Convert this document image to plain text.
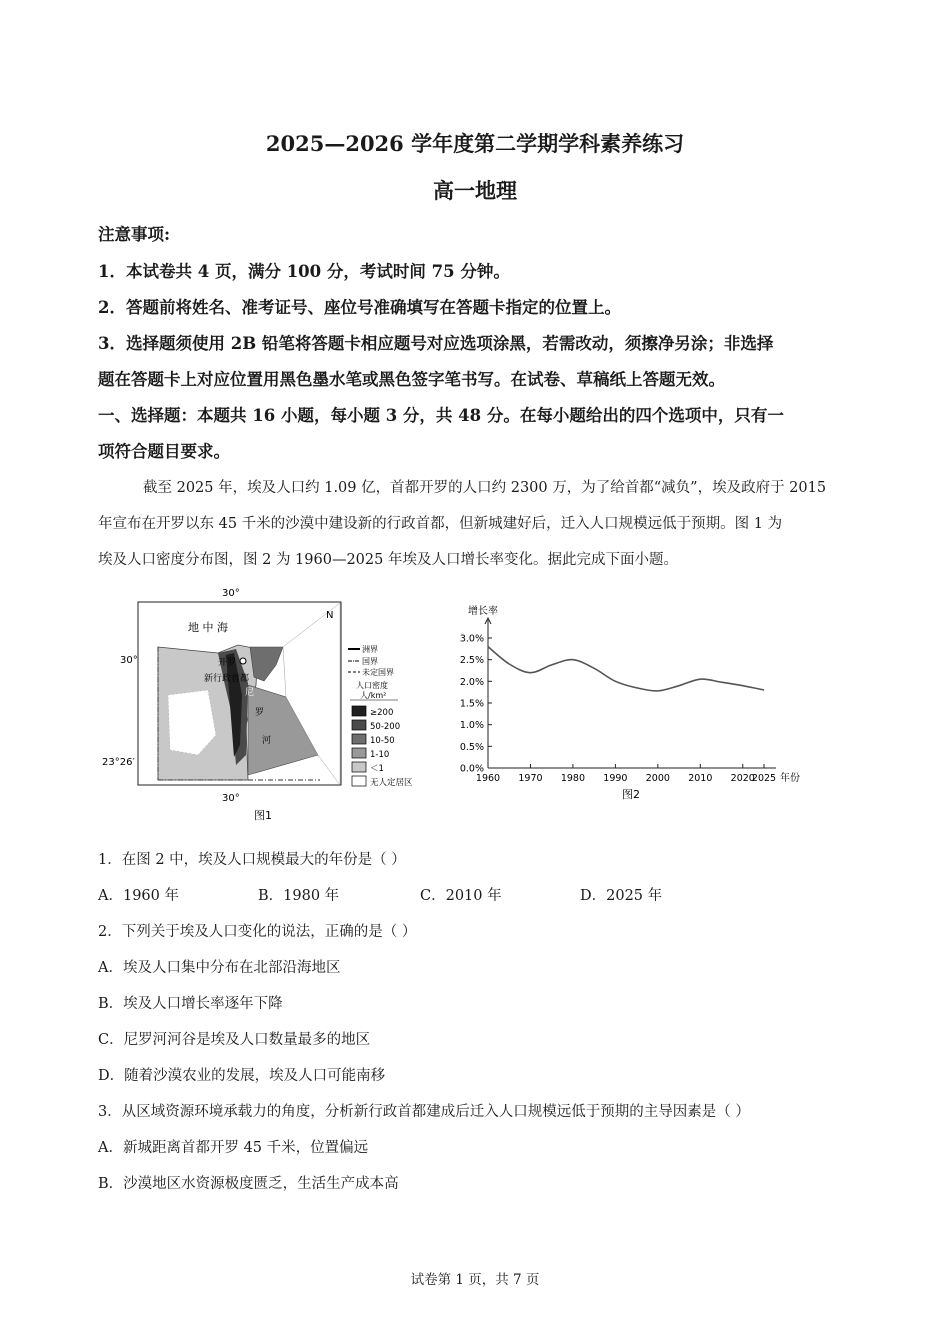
2025—2026 学年度第二学期学科素养练习
高一地理
注意事项:
1．本试卷共 4 页，满分 100 分，考试时间 75 分钟。
2．答题前将姓名、准考证号、座位号准确填写在答题卡指定的位置上。
3．选择题须使用 2B 铅笔将答题卡相应题号对应选项涂黑，若需改动，须擦净另涂；非选择
题在答题卡上对应位置用黑色墨水笔或黑色签字笔书写。在试卷、草稿纸上答题无效。
一、选择题：本题共 16 小题，每小题 3 分，共 48 分。在每小题给出的四个选项中，只有一
项符合题目要求。
截至 2025 年，埃及人口约 1.09 亿，首都开罗的人口约 2300 万，为了给首都“减负”，埃及政府于 2015
年宣布在开罗以东 45 千米的沙漠中建设新的行政首都，但新城建好后，迁入人口规模远低于预期。图 1 为
埃及人口密度分布图，图 2 为 1960—2025 年埃及人口增长率变化。据此完成下面小题。
30°
30°
30°
23°26′
地 中 海
开罗
新行政首都
尼
罗
河
N
洲界
国界
未定国界
人口密度
人/km²
≥200
50-200
10-50
1-10
＜1
无人定居区
图1
增长率
年份
图2
0.0%
0.5%
1.0%
1.5%
2.0%
2.5%
3.0%
1960 1970 1980 1990 2000 2010 2020
2025
1．在图 2 中，埃及人口规模最大的年份是（ ）
A．1960 年	B．1980 年	C．2010 年	D．2025 年
2．下列关于埃及人口变化的说法，正确的是（ ）
A．埃及人口集中分布在北部沿海地区
B．埃及人口增长率逐年下降
C．尼罗河河谷是埃及人口数量最多的地区
D．随着沙漠农业的发展，埃及人口可能南移
3．从区域资源环境承载力的角度，分析新行政首都建成后迁入人口规模远低于预期的主导因素是（ ）
A．新城距离首都开罗 45 千米，位置偏远
B．沙漠地区水资源极度匮乏，生活生产成本高
试卷第 1 页，共 7 页
